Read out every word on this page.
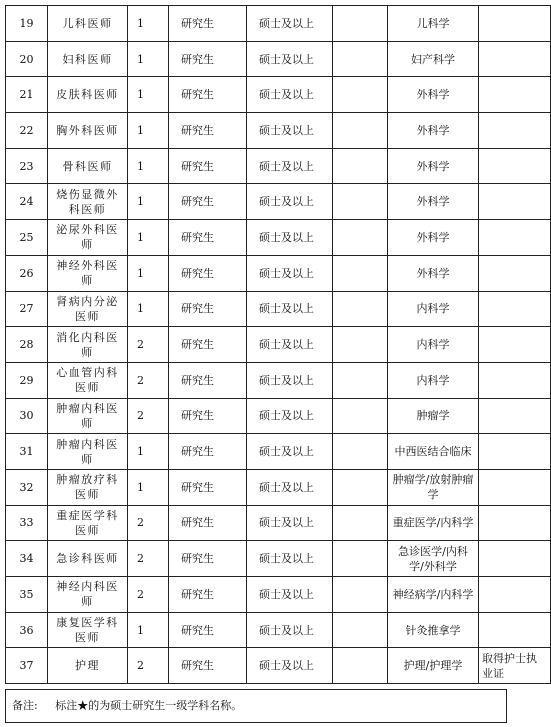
19	儿科医师	1	研究生	硕士及以上		儿科学	
20	妇科医师	1	研究生	硕士及以上		妇产科学	
21	皮肤科医师	1	研究生	硕士及以上		外科学	
22	胸外科医师	1	研究生	硕士及以上		外科学	
23	骨科医师	1	研究生	硕士及以上		外科学	
24	烧伤显微外科医师	1	研究生	硕士及以上		外科学	
25	泌尿外科医师	1	研究生	硕士及以上		外科学	
26	神经外科医师	1	研究生	硕士及以上		外科学	
27	肾病内分泌医师	1	研究生	硕士及以上		内科学	
28	消化内科医师	2	研究生	硕士及以上		内科学	
29	心血管内科医师	2	研究生	硕士及以上		内科学	
30	肿瘤内科医师	2	研究生	硕士及以上		肿瘤学	
31	肿瘤内科医师	1	研究生	硕士及以上		中西医结合临床	
32	肿瘤放疗科医师	1	研究生	硕士及以上		肿瘤学/放射肿瘤学	
33	重症医学科医师	2	研究生	硕士及以上		重症医学/内科学	
34	急诊科医师	2	研究生	硕士及以上		急诊医学/内科学/外科学	
35	神经内科医师	2	研究生	硕士及以上		神经病学/内科学	
36	康复医学科医师	1	研究生	硕士及以上		针灸推拿学	
37	护理	2	研究生	硕士及以上		护理/护理学	取得护士执业证
备注: 标注★的为硕士研究生一级学科名称。
